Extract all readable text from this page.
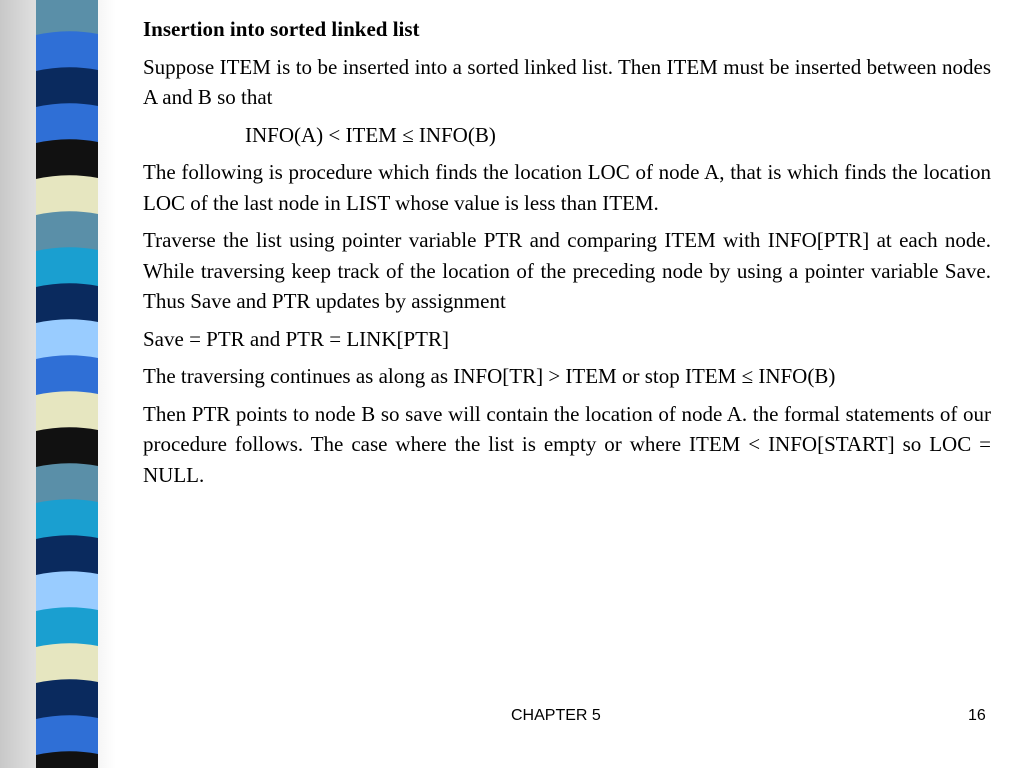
Insertion into sorted linked list

Suppose ITEM is to be inserted into a sorted linked list. Then ITEM must be inserted between nodes A and B so that

INFO(A) < ITEM ≤ INFO(B)

The following is procedure which finds the location LOC of node A, that is which finds the location LOC of the last node in LIST whose value is less than ITEM.

Traverse the list using pointer variable PTR and comparing ITEM with INFO[PTR] at each node. While traversing keep track of the location of the preceding node by using a pointer variable Save. Thus Save and PTR updates by assignment

Save = PTR and PTR = LINK[PTR]

The traversing continues as along as INFO[TR] > ITEM or stop ITEM ≤ INFO(B)

Then PTR points to node B so save will contain the location of node A. the formal statements of our procedure follows. The case where the list is empty or where ITEM < INFO[START] so LOC = NULL.

CHAPTER 5	16
